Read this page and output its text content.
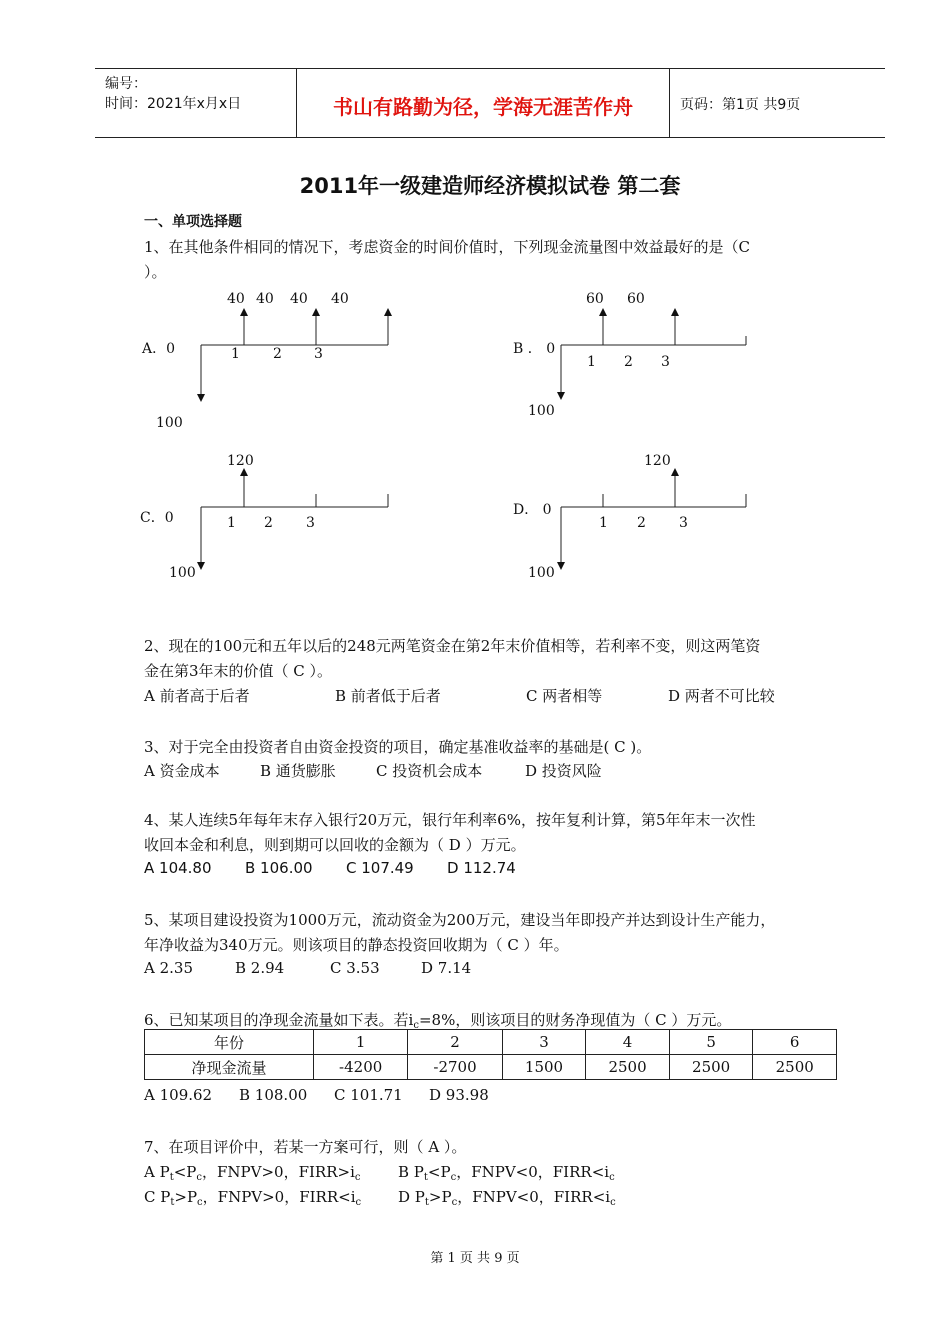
编号：
时间：2021年x月x日	书山有路勤为径，学海无涯苦作舟	页码：第1页 共9页
2011年一级建造师经济模拟试卷 第二套
一、单项选择题
1、在其他条件相同的情况下，考虑资金的时间价值时，下列现金流量图中效益最好的是（C
）。
A．0
40 40 40 40
1 2 3
100
B ． 0
60 60
1 2 3
100
C．0
120
1 2 3
100
D． 0
120
1 2 3
100
2、现在的100元和五年以后的248元两笔资金在第2年末价值相等，若利率不变，则这两笔资
金在第3年末的价值（ C ）。
A 前者高于后者	B 前者低于后者	C 两者相等	D 两者不可比较
3、对于完全由投资者自由资金投资的项目，确定基准收益率的基础是( C )。
A 资金成本	B 通货膨胀	C 投资机会成本	D 投资风险
4、某人连续5年每年末存入银行20万元，银行年利率6%，按年复利计算，第5年年末一次性
收回本金和利息，则到期可以回收的金额为（ D ）万元。
A 104.80 B 106.00 C 107.49 D 112.74
5、某项目建设投资为1000万元，流动资金为200万元，建设当年即投产并达到设计生产能力，
年净收益为340万元。则该项目的静态投资回收期为（ C ）年。
A 2.35	B 2.94	C 3.53	D 7.14
6、已知某项目的净现金流量如下表。若$i_c=8\%$，则该项目的财务净现值为（ C ）万元。
年份	1	2	3	4	5	6
净现金流量	-4200	-2700	1500	2500	2500	2500
A 109.62 B 108.00 C 101.71 D 93.98
7、在项目评价中，若某一方案可行，则（ A ）。
A $P_t<P_c$，FNPV>0，$FIRR>i_c$	B $P_t<P_c$，FNPV<0，$FIRR<i_c$
C $P_t>P_c$，FNPV>0，$FIRR<i_c$ D $P_t>P_c$，FNPV<0，$FIRR<i_c$
第 1 页 共 9 页
